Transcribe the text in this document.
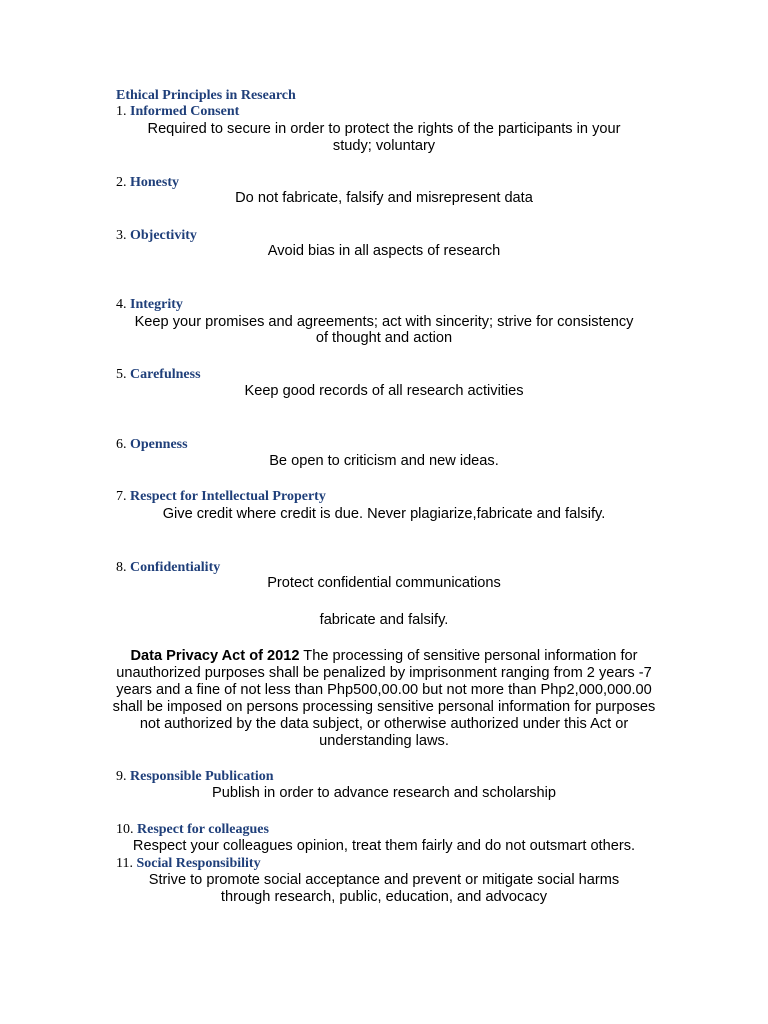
Ethical Principles in Research
1. Informed Consent
Required to secure in order to protect the rights of the participants in your
study; voluntary
2. Honesty
Do not fabricate, falsify and misrepresent data
3. Objectivity
Avoid bias in all aspects of research
4. Integrity
Keep your promises and agreements; act with sincerity; strive for consistency
of thought and action
5. Carefulness
Keep good records of all research activities
6. Openness
Be open to criticism and new ideas.
7. Respect for Intellectual Property
Give credit where credit is due. Never plagiarize,fabricate and falsify.
8. Confidentiality
Protect confidential communications
fabricate and falsify.
Data Privacy Act of 2012 The processing of sensitive personal information for unauthorized purposes shall be penalized by imprisonment ranging from 2 years -7 years and a fine of not less than Php500,00.00 but not more than Php2,000,000.00 shall be imposed on persons processing sensitive personal information for purposes not authorized by the data subject, or otherwise authorized under this Act or understanding laws.
9. Responsible Publication
Publish in order to advance research and scholarship
10. Respect for colleagues
Respect your colleagues opinion, treat them fairly and do not outsmart others.
11. Social Responsibility
Strive to promote social acceptance and prevent or mitigate social harms
through research, public, education, and advocacy
